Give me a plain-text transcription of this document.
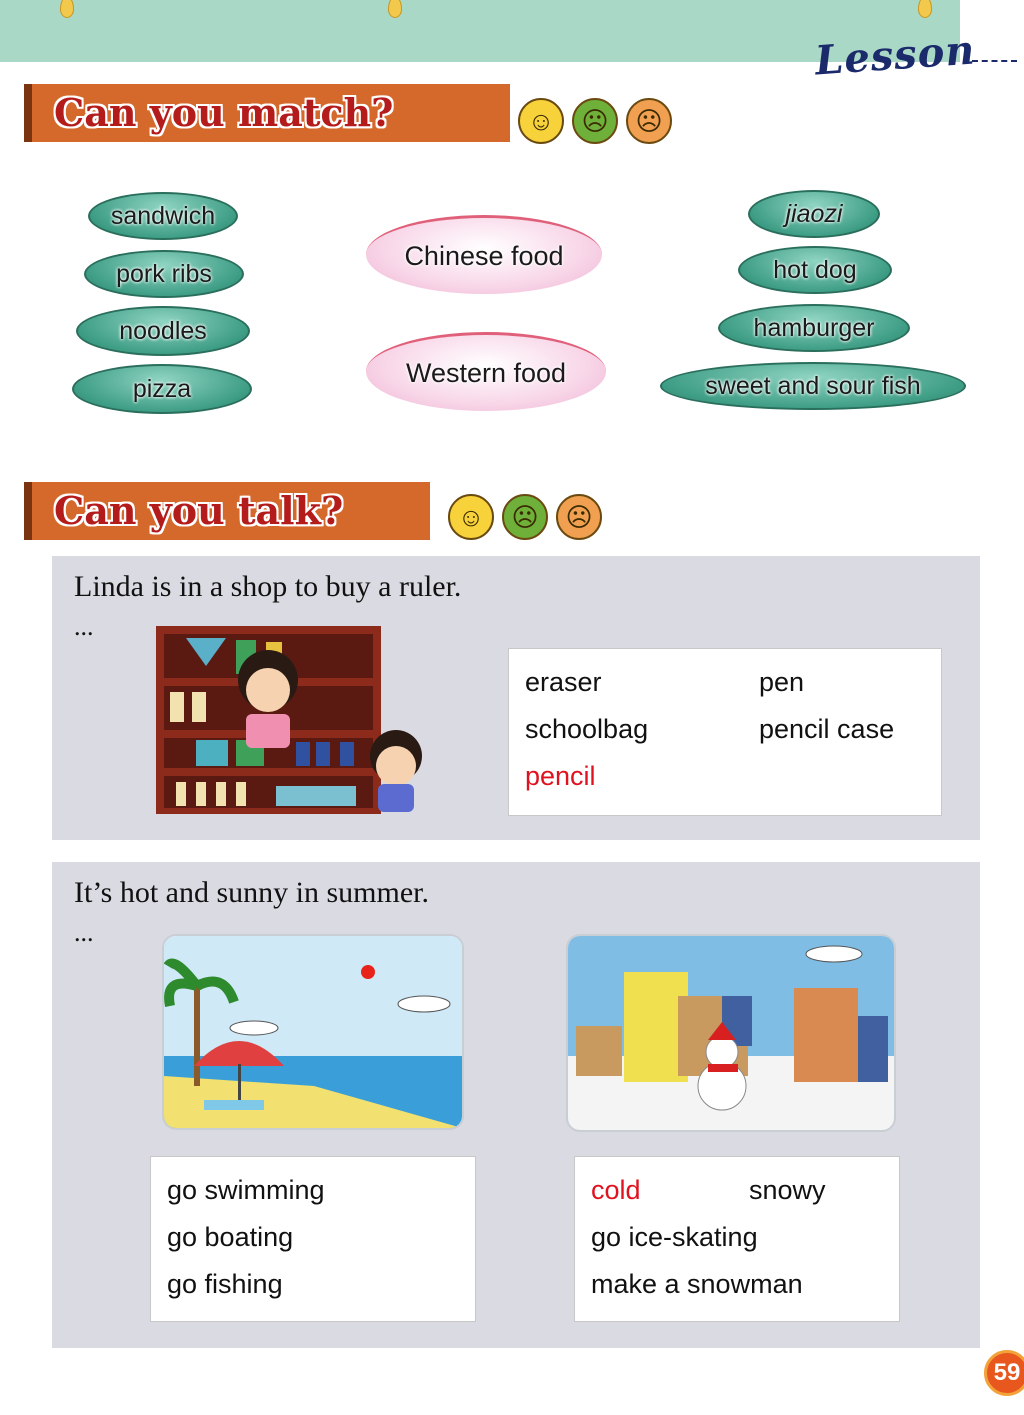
Lesson
Can you match?	☺	☹	☹
sandwich
pork ribs
noodles
pizza
Chinese food
Western food
jiaozi
hot dog
hamburger
sweet and sour fish
Can you talk?	☺	☹	☹
Linda is in a shop to buy a ruler.
...
eraser	pen
schoolbag	pencil case
pencil
It’s hot and sunny in summer.
...
go swimming
go boating
go fishing
cold	snowy
go ice-skating
make a snowman
59
